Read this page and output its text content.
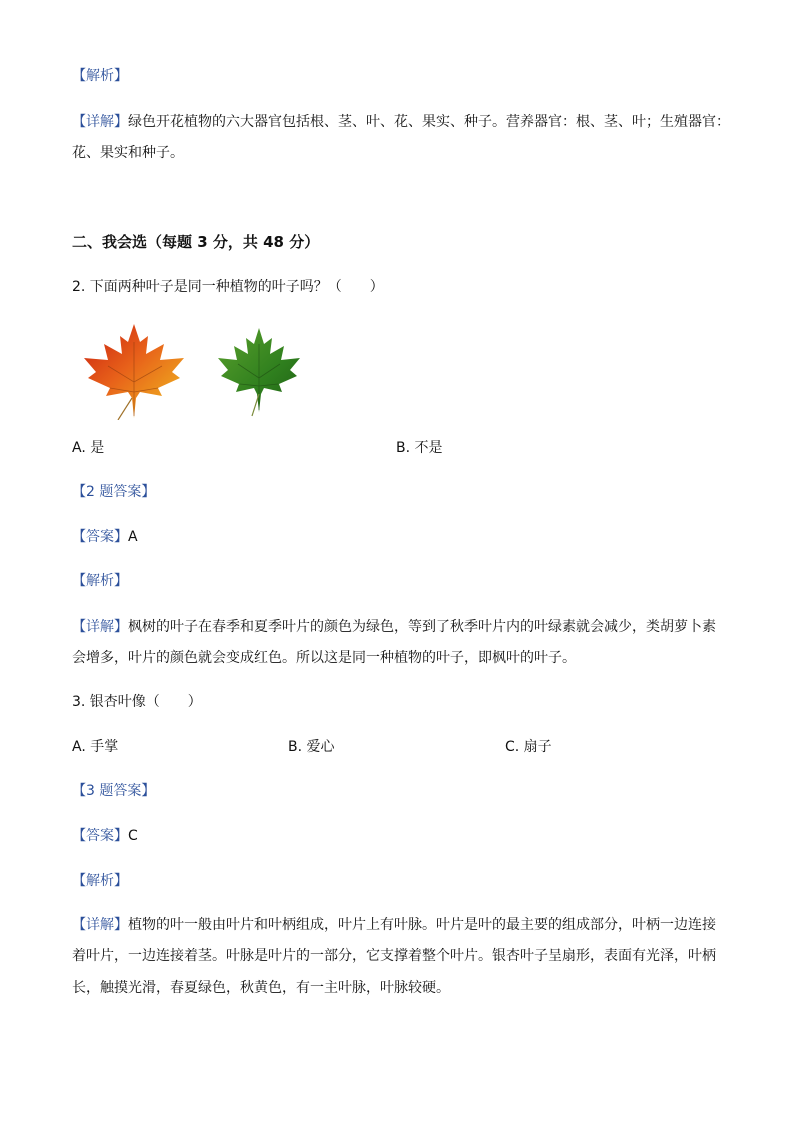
【解析】
【详解】绿色开花植物的六大器官包括根、茎、叶、花、果实、种子。营养器官：根、茎、叶；生殖器官：
花、果实和种子。
二、我会选（每题 3 分，共 48 分）
2. 下面两种叶子是同一种植物的叶子吗？（　　）
A. 是	B. 不是
【2 题答案】
【答案】A
【解析】
【详解】枫树的叶子在春季和夏季叶片的颜色为绿色，等到了秋季叶片内的叶绿素就会减少，类胡萝卜素
会增多，叶片的颜色就会变成红色。所以这是同一种植物的叶子，即枫叶的叶子。
3. 银杏叶像（　　）
A. 手掌	B. 爱心	C. 扇子
【3 题答案】
【答案】C
【解析】
【详解】植物的叶一般由叶片和叶柄组成，叶片上有叶脉。叶片是叶的最主要的组成部分，叶柄一边连接
着叶片，一边连接着茎。叶脉是叶片的一部分，它支撑着整个叶片。银杏叶子呈扇形，表面有光泽，叶柄
长，触摸光滑，春夏绿色，秋黄色，有一主叶脉，叶脉较硬。
